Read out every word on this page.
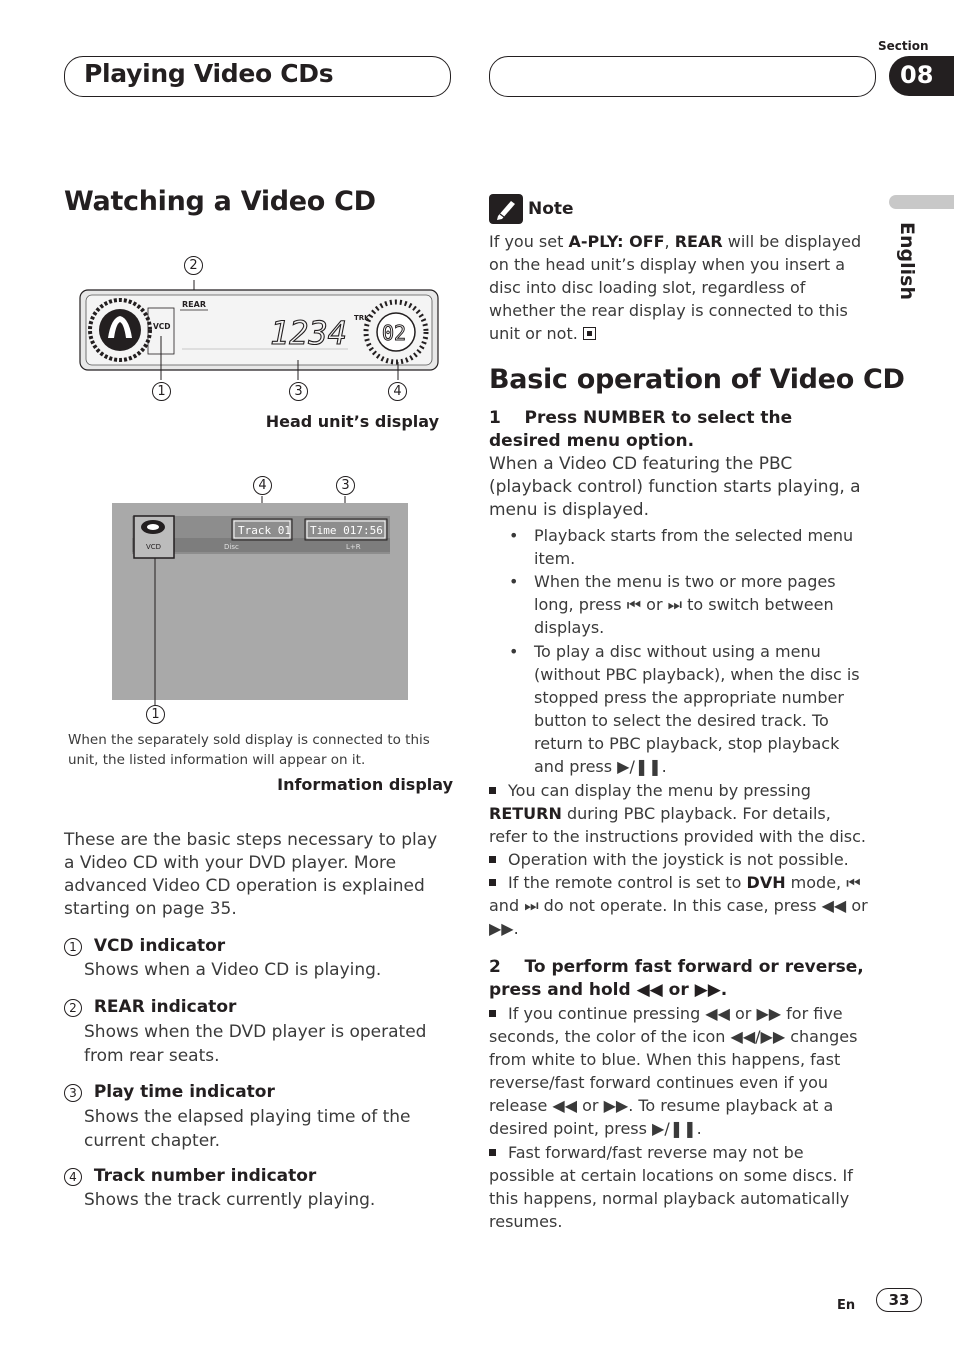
Playing Video CDs
Section
08
English
Watching a Video CD
2
REAR
VCD	1234 TRK
02
1	3	4
Head unit’s display
4	3
VCD
Track 01 Time 017:56
Disc	L+R
1
When the separately sold display is connected to this unit, the listed information will appear on it.
Information display
These are the basic steps necessary to play a Video CD with your DVD player. More advanced Video CD operation is explained starting on page 35.
1 VCD indicator
Shows when a Video CD is playing.
2 REAR indicator
Shows when the DVD player is operated from rear seats.
3 Play time indicator
Shows the elapsed playing time of the current chapter.
4 Track number indicator
Shows the track currently playing.
Note
If you set A-PLY: OFF, REAR will be displayed on the head unit’s display when you insert a disc into disc loading slot, regardless of whether the rear display is connected to this unit or not.
Basic operation of Video CD
1    Press NUMBER to select the desired menu option.
When a Video CD featuring the PBC (playback control) function starts playing, a menu is displayed.
• Playback starts from the selected menu item.
• When the menu is two or more pages long, press ⏮ or ⏭ to switch between displays.
• To play a disc without using a menu (without PBC playback), when the disc is stopped press the appropriate number button to select the desired track. To return to PBC playback, stop playback and press ▶/❚❚.
You can display the menu by pressing RETURN during PBC playback. For details, refer to the instructions provided with the disc.
Operation with the joystick is not possible.
If the remote control is set to DVH mode, ⏮ and ⏭ do not operate. In this case, press ◀◀ or ▶▶.
2    To perform fast forward or reverse, press and hold ◀◀ or ▶▶.
If you continue pressing ◀◀ or ▶▶ for five seconds, the color of the icon ◀◀/▶▶ changes from white to blue. When this happens, fast reverse/fast forward continues even if you release ◀◀ or ▶▶. To resume playback at a desired point, press ▶/❚❚.
Fast forward/fast reverse may not be possible at certain locations on some discs. If this happens, normal playback automatically resumes.
En	33
